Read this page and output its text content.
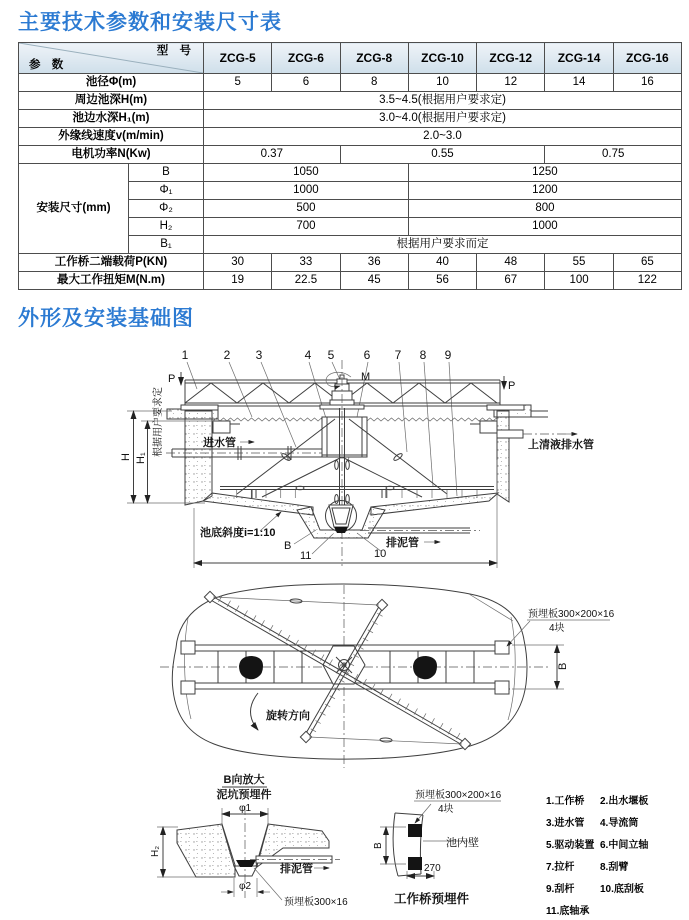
主要技术参数和安装尺寸表
型 号
参 数		ZCG-5	ZCG-6	ZCG-8	ZCG-10	ZCG-12	ZCG-14	ZCG-16
池径Φ(m)		5	6	8	10	12	14	16
周边池深H(m)		3.5~4.5(根据用户要求定)						
池边水深H₁(m)		3.0~4.0(根据用户要求定)						
外缘线速度v(m/min)		2.0~3.0						
电机功率N(Kw)		0.37		0.55			0.75	
安装尺寸(mm)	B	1050			1250			
	Φ₁	1000			1200			
	Φ₂	500			800			
	H₂	700			1000			
	B₁	根据用户要求而定						
工作桥二端载荷P(KN)		30	33	36	40	48	55	65
最大工作扭矩M(N.m)		19	22.5	45	56	67	100	122
外形及安装基础图
1	2 3	4 5 6 7 8 9
P
P
M
进水管
排泥管
H H₁
根据用户要求定
池底斜度i=1:10
B
11	10
上清液排水管
旋转方向
预埋板300×200×16
4块
B
B向放大
泥坑预埋件
φ1
排泥管
H₂
φ2
预埋板300×16
预埋板300×200×16
4块
池内壁
B
270
工作桥预埋件
1.工作桥	2.出水堰板
3.进水管	4.导流筒
5.驱动装置 6.中间立轴
7.拉杆	8.刮臂
9.刮杆	10.底刮板
11.底轴承
